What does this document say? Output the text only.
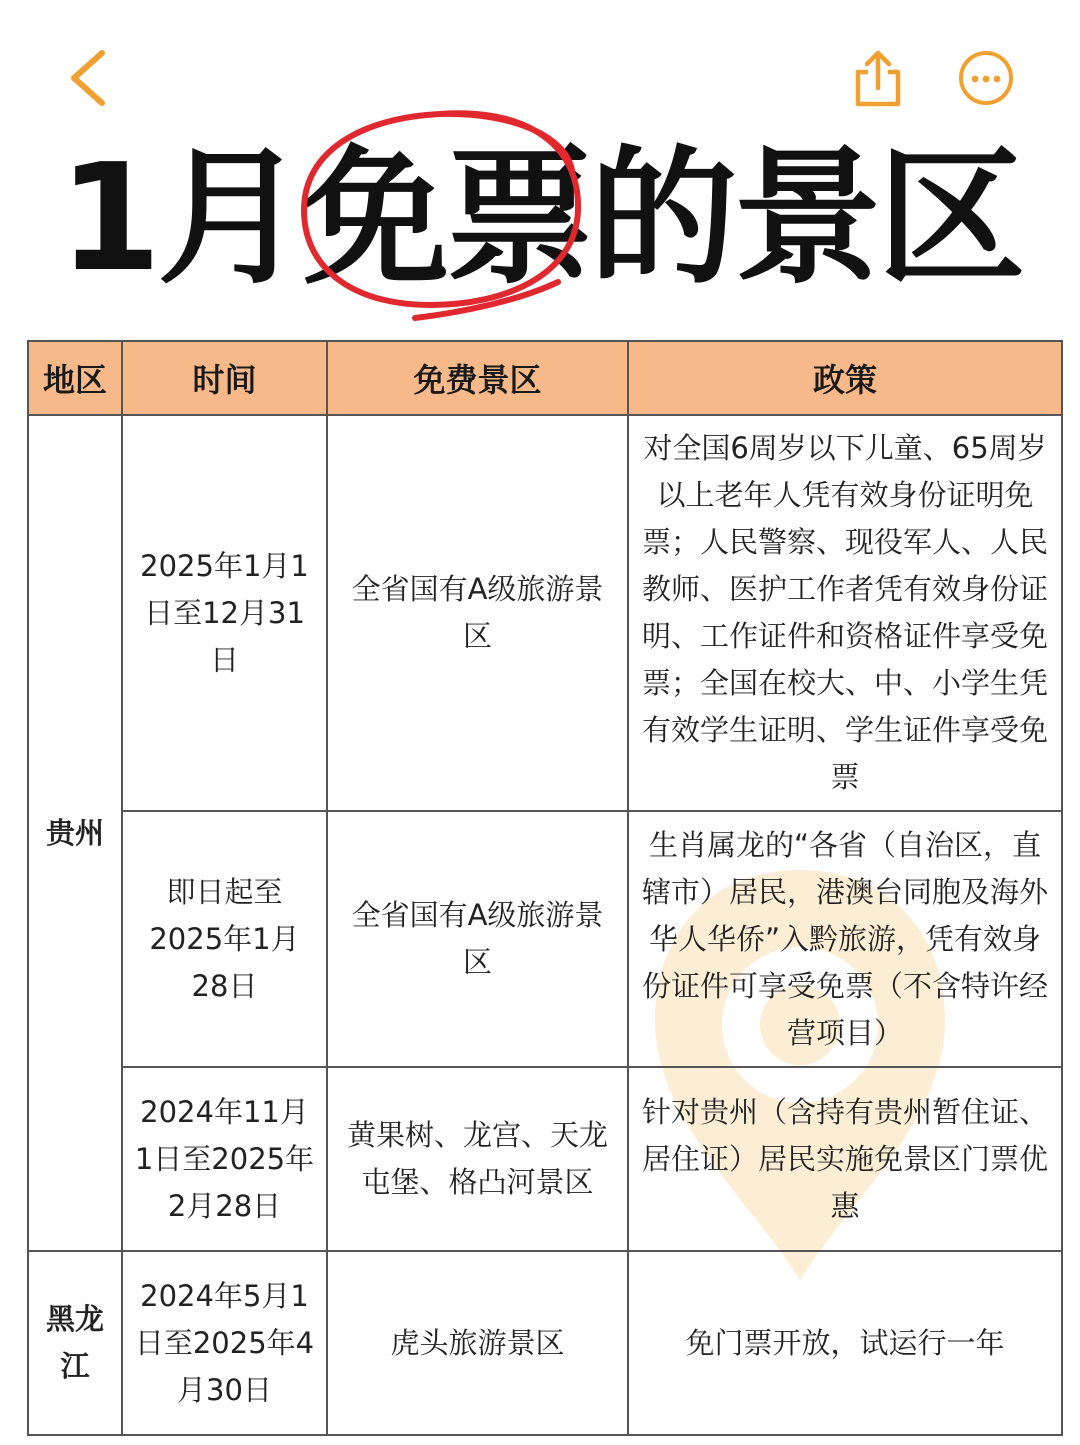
1月免票的景区
地区	时间	免费景区	政策
贵州	2025年1月1日至12月31日	全省国有A级旅游景区	对全国6周岁以下儿童、65周岁以上老年人凭有效身份证明免票；人民警察、现役军人、人民教师、医护工作者凭有效身份证明、工作证件和资格证件享受免票；全国在校大、中、小学生凭有效学生证明、学生证件享受免票
	即日起至2025年1月28日	全省国有A级旅游景区	生肖属龙的“各省（自治区，直辖市）居民，港澳台同胞及海外华人华侨”入黔旅游，凭有效身份证件可享受免票（不含特许经营项目）
	2024年11月1日至2025年2月28日	黄果树、龙宫、天龙屯堡、格凸河景区	针对贵州（含持有贵州暂住证、居住证）居民实施免景区门票优惠
黑龙江	2024年5月1日至2025年4月30日	虎头旅游景区	免门票开放，试运行一年
